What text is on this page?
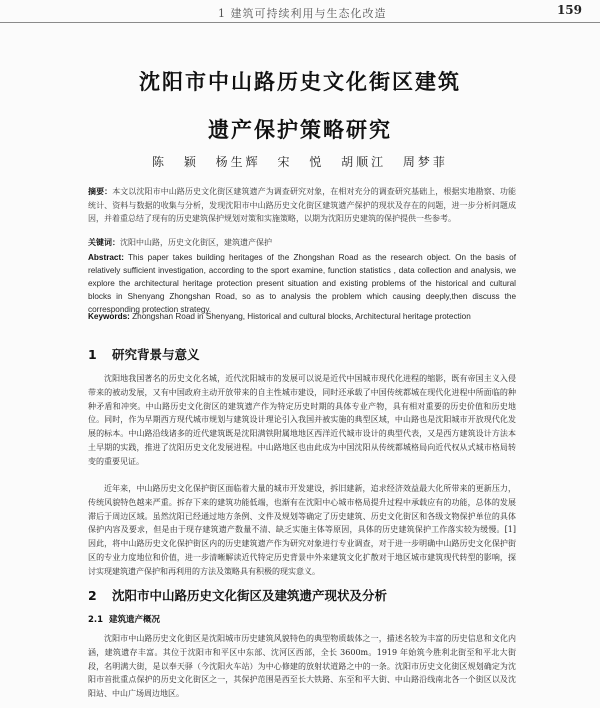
1 建筑可持续利用与生态化改造	159
沈阳市中山路历史文化街区建筑
遗产保护策略研究
陈 颖 杨生辉 宋 悦 胡顺江 周梦菲
摘要：本文以沈阳市中山路历史文化街区建筑遗产为调查研究对象，在相对充分的调查研究基础上，根据实地勘察、功能统计、资料与数据的收集与分析，发现沈阳市中山路历史文化街区建筑遗产保护的现状及存在的问题，进一步分析问题成因，并着重总结了现有的历史建筑保护规划对策和实施策略，以期为沈阳历史建筑的保护提供一些参考。
关键词：沈阳中山路，历史文化街区，建筑遗产保护
Abstract: This paper takes building heritages of the Zhongshan Road as the research object. On the basis of relatively sufficient investigation, according to the sport examine, function statistics , data collection and analysis, we explore the architectural heritage protection present situation and existing problems of the historical and cultural blocks in Shenyang Zhongshan Road, so as to analysis the problem which causing deeply,then discuss the corresponding protection strategy.
Keywords: Zhongshan Road in Shenyang, Historical and cultural blocks, Architectural heritage protection
1 研究背景与意义
沈阳地我国著名的历史文化名城，近代沈阳城市的发展可以说是近代中国城市现代化进程的缩影，既有帝国主义入侵带来的被动发展，又有中国政府主动开放带来的自主性城市建设，同时还承载了中国传统都城在现代化进程中所面临的种种矛盾和冲突。中山路历史文化街区的建筑遗产作为特定历史时期的具体专业产物，具有相对重要的历史价值和历史地位。同时，作为早期西方现代城市规划与建筑设计理论引入我国并被实施的典型区域，中山路也是沈阳城市开放现代化发展的标本。中山路沿线诸多的近代建筑既是沈阳满铁附属地地区西洋近代城市设计的典型代表，又是西方建筑设计方法本土早期的实践，推进了沈阳历史文化发展进程。中山路地区也由此成为中国沈阳从传统都城格局向近代权从式城市格局转变的重要见证。
近年来，中山路历史文化保护街区面临着大量的城市开发建设，拆旧建新，追求经济效益最大化所带来的更新压力，传统风貌特色越来严重。拆存下来的建筑功能低端，也渐有在沈阳中心城市格局提升过程中承载应有的功能，总体的发展滞后于周边区域。虽然沈阳已经通过地方条例、文件及规划等确定了历史建筑、历史文化街区和各级文物保护单位的具体保护内容及要求，但是由于现存建筑遗产数量不清、缺乏实施主体等原因，具体的历史建筑保护工作落实较为缓慢。[1] 因此，将中山路历史文化保护街区内的历史建筑遗产作为研究对象进行专业调查，对于进一步明确中山路历史文化保护街区的专业力度地位和价值，进一步清晰解读近代特定历史背景中外来建筑文化扩散对于地区城市建筑现代转型的影响，探讨实现建筑遗产保护和再利用的方法及策略具有积极的现实意义。
2 沈阳市中山路历史文化街区及建筑遗产现状及分析
2.1 建筑遗产概况
沈阳市中山路历史文化街区是沈阳城市历史建筑风貌特色的典型物质载体之一，描述名较为丰富的历史信息和文化内涵，建筑遗存丰富。其位于沈阳市和平区中东部、沈河区西部，全长 3600m。1919 年始筑今胜利北街至和平北大街段，名明满大街，是以奉天驿（今沈阳火车站）为中心修建的放射状道路之中的一条。沈阳市历史文化街区规划确定为沈阳市首批重点保护的历史文化街区之一，其保护范围是西至长大铁路、东至和平大街、中山路沿线南北各一个街区以及沈阳站、中山广场周边地区。
